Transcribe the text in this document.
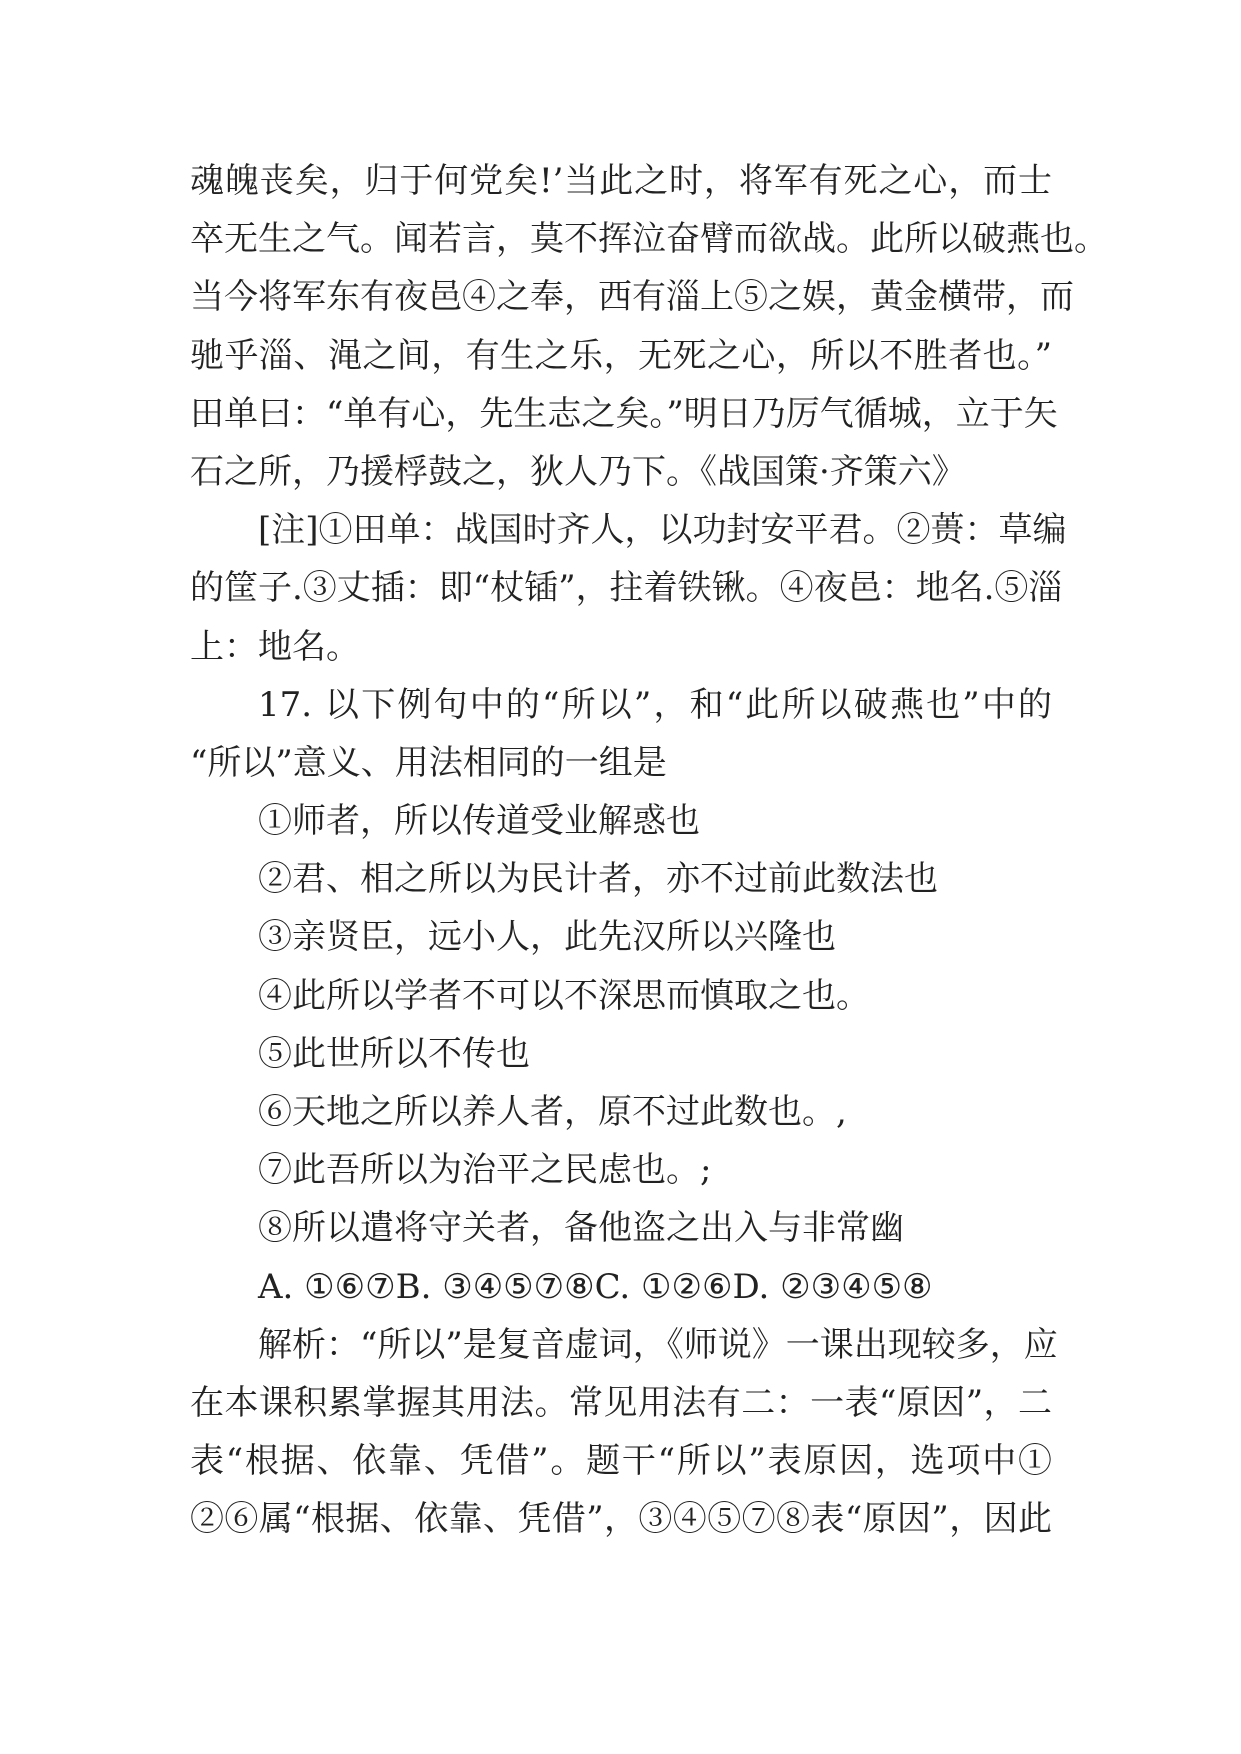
魂魄丧矣，归于何党矣!’当此之时，将军有死之心，而士
卒无生之气。闻若言，莫不挥泣奋臂而欲战。此所以破燕也。
当今将军东有夜邑④之奉，西有淄上⑤之娱，黄金横带，而
驰乎淄、渑之间，有生之乐，无死之心，所以不胜者也。”
田单曰：“单有心，先生志之矣。”明日乃厉气循城，立于矢
石之所，乃援桴鼓之，狄人乃下。《战国策·齐策六》
[注]①田单：战国时齐人，以功封安平君。②蒉：草编
的筐子.③丈插：即“杖锸”，拄着铁锹。④夜邑：地名.⑤淄
上：地名。
17. 以下例句中的“所以”，和“此所以破燕也”中的
“所以”意义、用法相同的一组是
①师者，所以传道受业解惑也
②君、相之所以为民计者，亦不过前此数法也
③亲贤臣，远小人，此先汉所以兴隆也
④此所以学者不可以不深思而慎取之也。
⑤此世所以不传也
⑥天地之所以养人者，原不过此数也。,
⑦此吾所以为治平之民虑也。;
⑧所以遣将守关者，备他盗之出入与非常幽
A. ①⑥⑦B. ③④⑤⑦⑧C. ①②⑥D. ②③④⑤⑧
解析：“所以”是复音虚词，《师说》一课出现较多，应
在本课积累掌握其用法。常见用法有二：一表“原因”，二
表“根据、依靠、凭借”。题干“所以”表原因，选项中①
②⑥属“根据、依靠、凭借”，③④⑤⑦⑧表“原因”，因此
